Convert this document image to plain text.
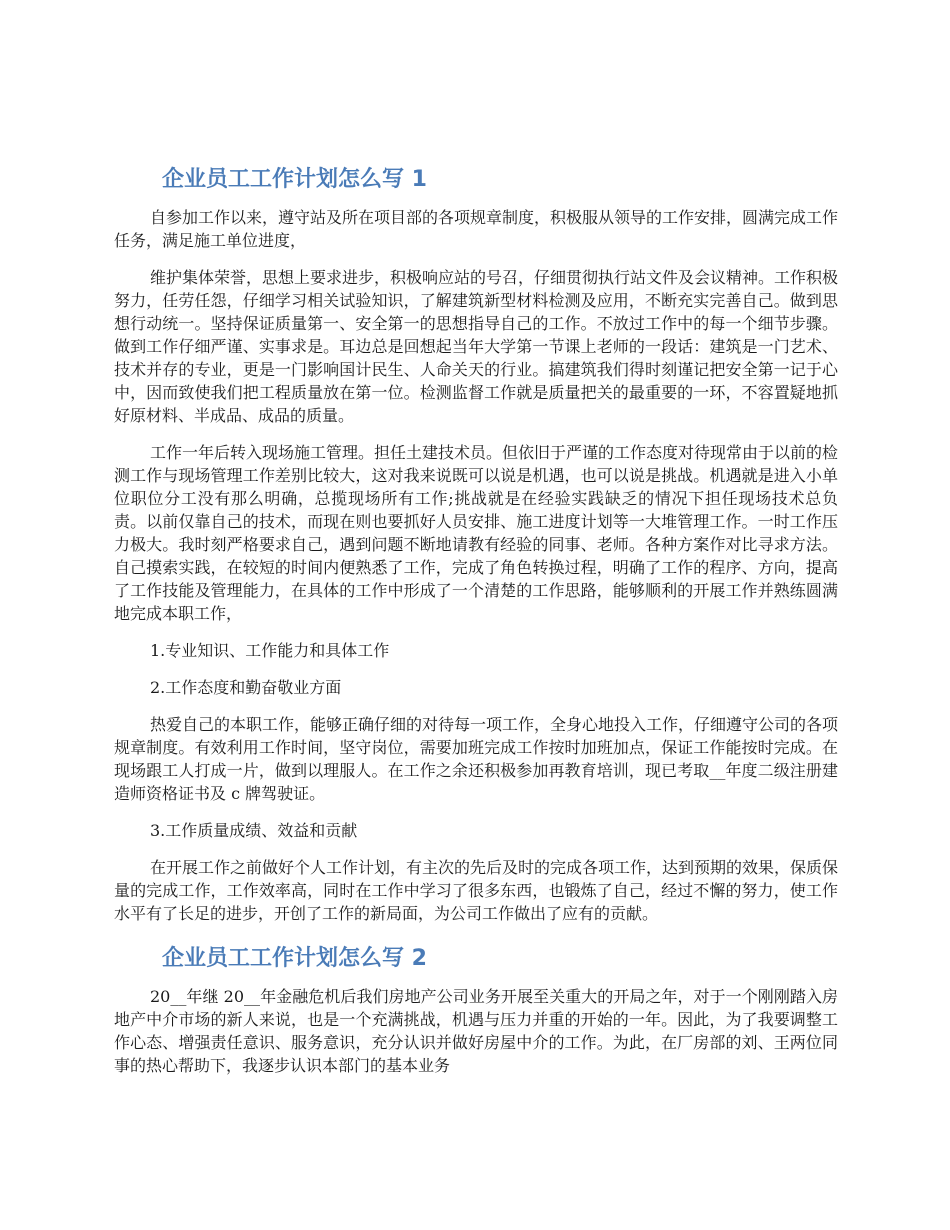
企业员工工作计划怎么写 1

自参加工作以来，遵守站及所在项目部的各项规章制度，积极服从领导的工作安排，圆满完成工作任务，满足施工单位进度，

维护集体荣誉，思想上要求进步，积极响应站的号召，仔细贯彻执行站文件及会议精神。工作积极努力，任劳任怨，仔细学习相关试验知识，了解建筑新型材料检测及应用，不断充实完善自己。做到思想行动统一。坚持保证质量第一、安全第一的思想指导自己的工作。不放过工作中的每一个细节步骤。做到工作仔细严谨、实事求是。耳边总是回想起当年大学第一节课上老师的一段话：建筑是一门艺术、技术并存的专业，更是一门影响国计民生、人命关天的行业。搞建筑我们得时刻谨记把安全第一记于心中，因而致使我们把工程质量放在第一位。检测监督工作就是质量把关的最重要的一环，不容置疑地抓好原材料、半成品、成品的质量。

工作一年后转入现场施工管理。担任土建技术员。但依旧于严谨的工作态度对待现常由于以前的检测工作与现场管理工作差别比较大，这对我来说既可以说是机遇，也可以说是挑战。机遇就是进入小单位职位分工没有那么明确，总揽现场所有工作;挑战就是在经验实践缺乏的情况下担任现场技术总负责。以前仅靠自己的技术，而现在则也要抓好人员安排、施工进度计划等一大堆管理工作。一时工作压力极大。我时刻严格要求自己，遇到问题不断地请教有经验的同事、老师。各种方案作对比寻求方法。自己摸索实践，在较短的时间内便熟悉了工作，完成了角色转换过程，明确了工作的程序、方向，提高了工作技能及管理能力，在具体的工作中形成了一个清楚的工作思路，能够顺利的开展工作并熟练圆满地完成本职工作，

1.专业知识、工作能力和具体工作

2.工作态度和勤奋敬业方面

热爱自己的本职工作，能够正确仔细的对待每一项工作，全身心地投入工作，仔细遵守公司的各项规章制度。有效利用工作时间，坚守岗位，需要加班完成工作按时加班加点，保证工作能按时完成。在现场跟工人打成一片，做到以理服人。在工作之余还积极参加再教育培训，现已考取__年度二级注册建造师资格证书及 c 牌驾驶证。

3.工作质量成绩、效益和贡献

在开展工作之前做好个人工作计划，有主次的先后及时的完成各项工作，达到预期的效果，保质保量的完成工作，工作效率高，同时在工作中学习了很多东西，也锻炼了自己，经过不懈的努力，使工作水平有了长足的进步，开创了工作的新局面，为公司工作做出了应有的贡献。

企业员工工作计划怎么写 2

20__年继 20__年金融危机后我们房地产公司业务开展至关重大的开局之年，对于一个刚刚踏入房地产中介市场的新人来说，也是一个充满挑战，机遇与压力并重的开始的一年。因此，为了我要调整工作心态、增强责任意识、服务意识，充分认识并做好房屋中介的工作。为此，在厂房部的刘、王两位同事的热心帮助下，我逐步认识本部门的基本业务
